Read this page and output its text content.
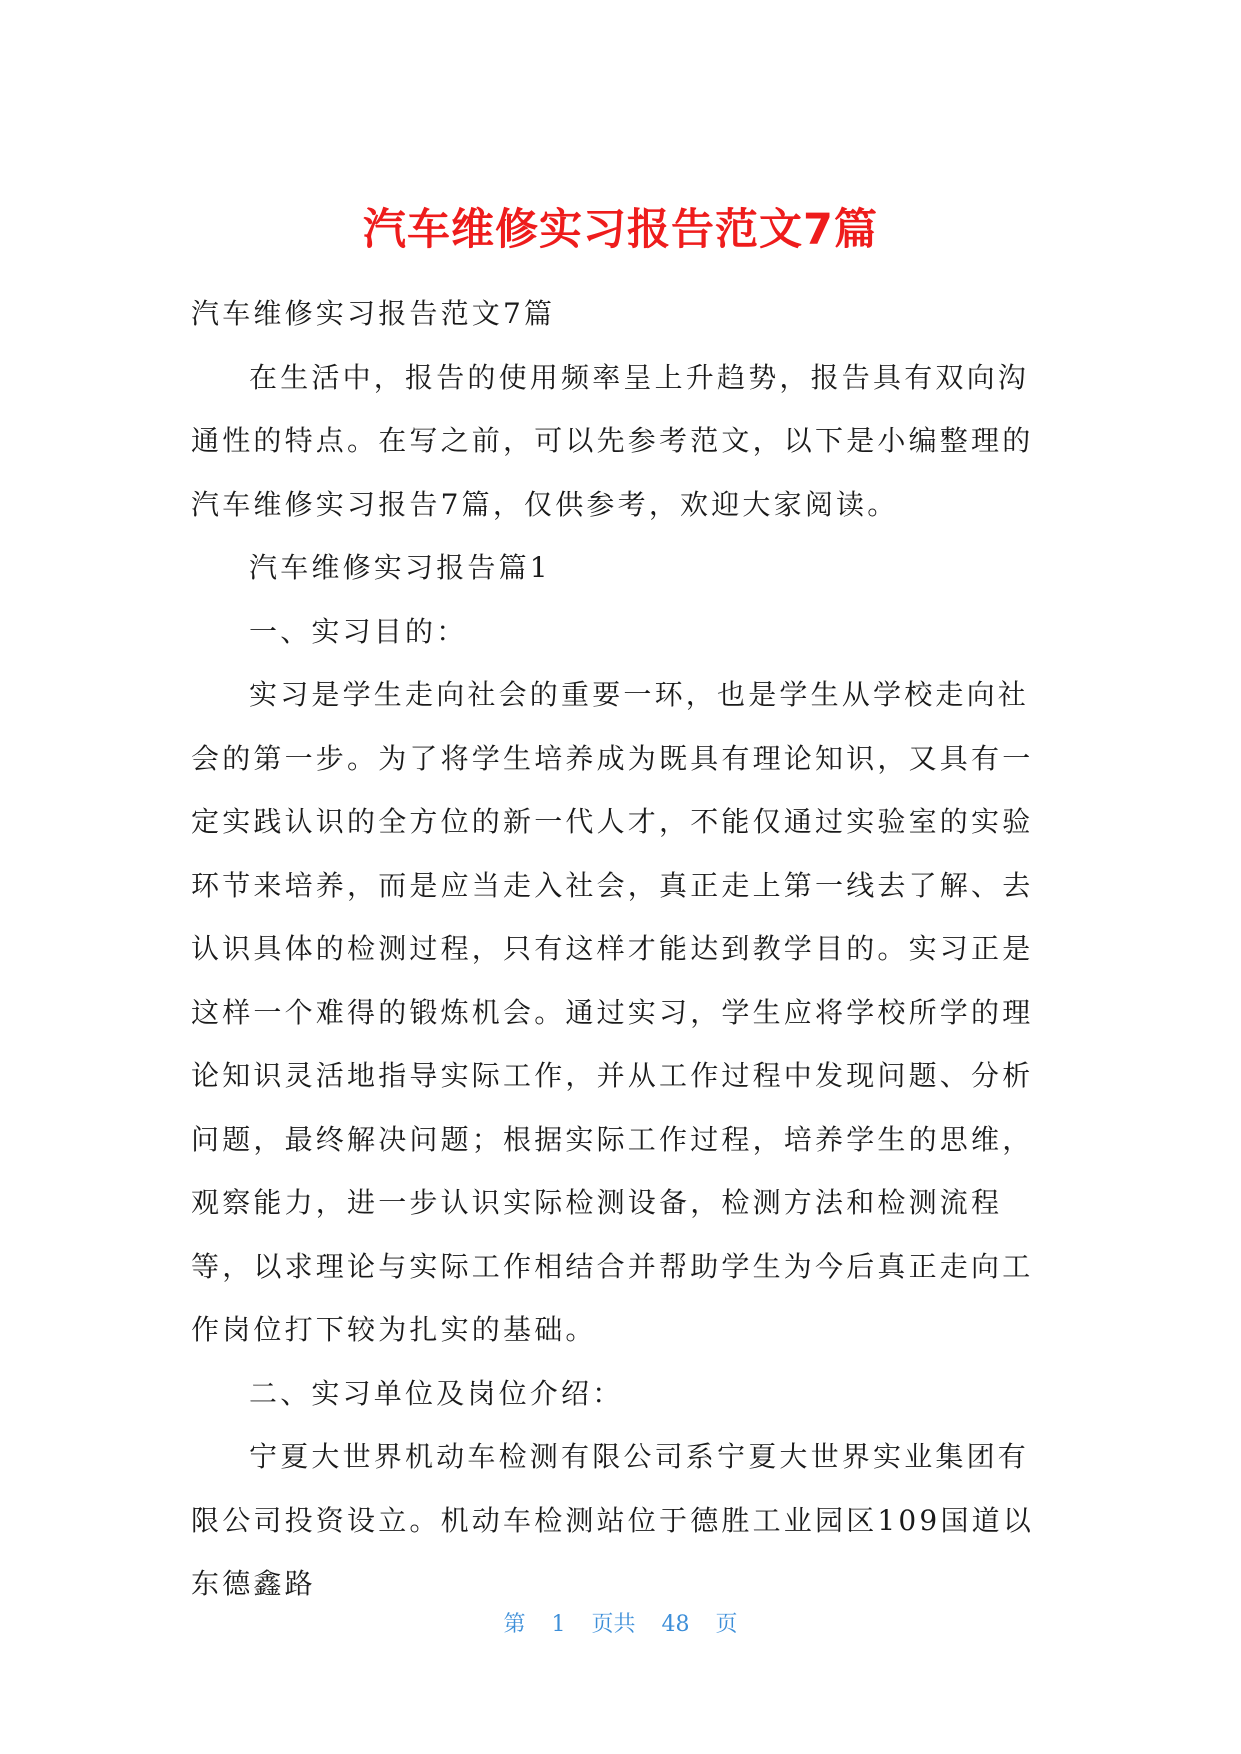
汽车维修实习报告范文7篇

汽车维修实习报告范文7篇

在生活中，报告的使用频率呈上升趋势，报告具有双向沟通性的特点。在写之前，可以先参考范文，以下是小编整理的汽车维修实习报告7篇，仅供参考，欢迎大家阅读。

汽车维修实习报告篇1

一、实习目的：

实习是学生走向社会的重要一环，也是学生从学校走向社会的第一步。为了将学生培养成为既具有理论知识，又具有一定实践认识的全方位的新一代人才，不能仅通过实验室的实验环节来培养，而是应当走入社会，真正走上第一线去了解、去认识具体的检测过程，只有这样才能达到教学目的。实习正是这样一个难得的锻炼机会。通过实习，学生应将学校所学的理论知识灵活地指导实际工作，并从工作过程中发现问题、分析问题，最终解决问题；根据实际工作过程，培养学生的思维，观察能力，进一步认识实际检测设备，检测方法和检测流程等，以求理论与实际工作相结合并帮助学生为今后真正走向工作岗位打下较为扎实的基础。

二、实习单位及岗位介绍：

宁夏大世界机动车检测有限公司系宁夏大世界实业集团有限公司投资设立。机动车检测站位于德胜工业园区109国道以东德鑫路

第 1 页共 48 页
